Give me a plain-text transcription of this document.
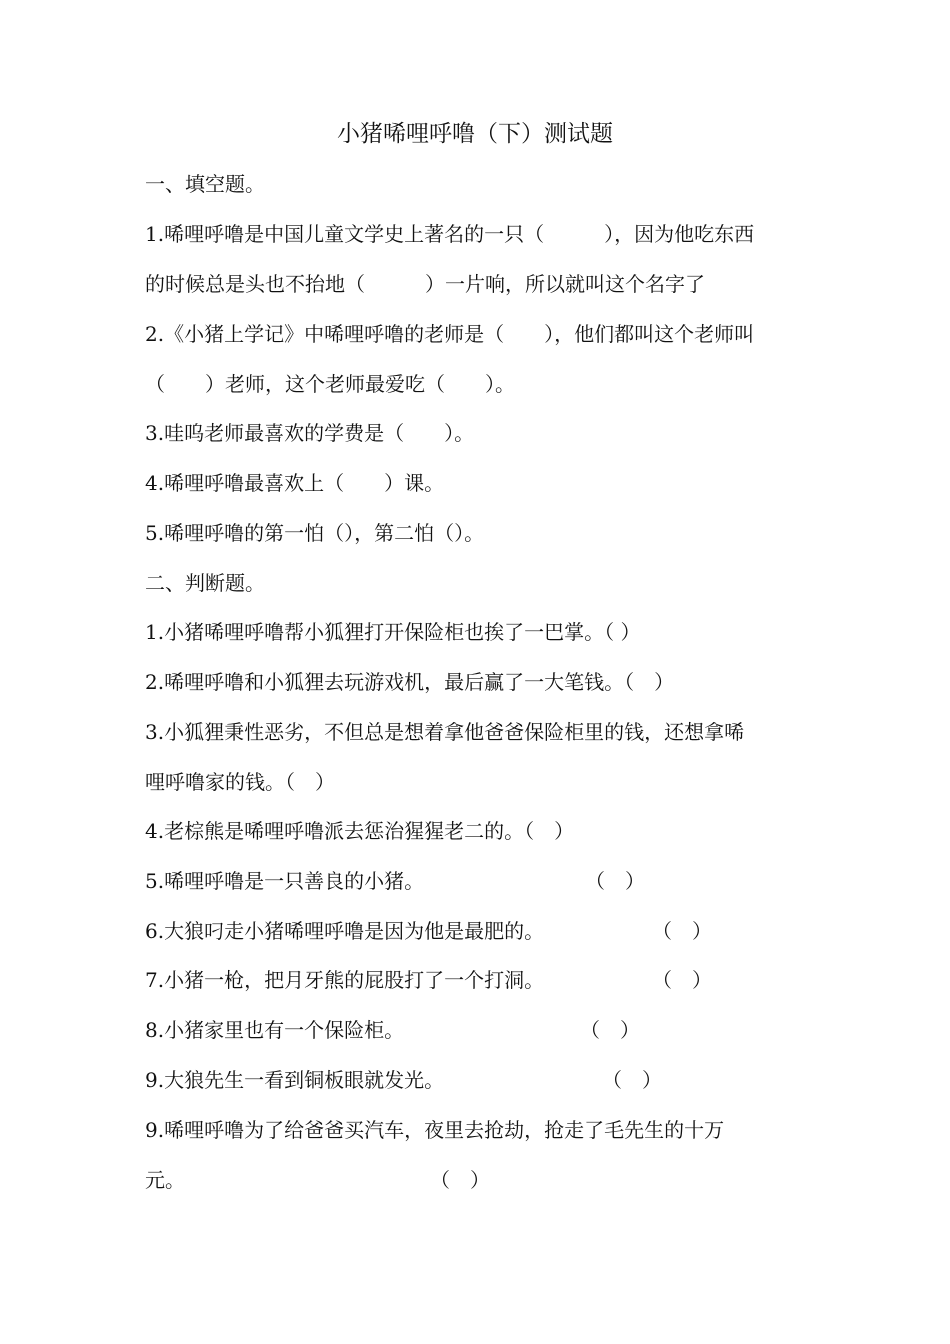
小猪唏哩呼噜（下）测试题

一、填空题。

1.唏哩呼噜是中国儿童文学史上著名的一只（　　　），因为他吃东西

的时候总是头也不抬地（　　　）一片响，所以就叫这个名字了

2.《小猪上学记》中唏哩呼噜的老师是（　　），他们都叫这个老师叫

（　　）老师，这个老师最爱吃（　　）。

3.哇呜老师最喜欢的学费是（　　）。

4.唏哩呼噜最喜欢上（　　）课。

5.唏哩呼噜的第一怕（），第二怕（）。

二、判断题。

1.小猪唏哩呼噜帮小狐狸打开保险柜也挨了一巴掌。（ ）

2.唏哩呼噜和小狐狸去玩游戏机，最后赢了一大笔钱。（　）

3.小狐狸秉性恶劣，不但总是想着拿他爸爸保险柜里的钱，还想拿唏

哩呼噜家的钱。（　）

4.老棕熊是唏哩呼噜派去惩治猩猩老二的。（　）

5.唏哩呼噜是一只善良的小猪。	（　）

6.大狼叼走小猪唏哩呼噜是因为他是最肥的。	（　）

7.小猪一枪，把月牙熊的屁股打了一个打洞。	（　）

8.小猪家里也有一个保险柜。	（　）

9.大狼先生一看到铜板眼就发光。	（　）

9.唏哩呼噜为了给爸爸买汽车，夜里去抢劫，抢走了毛先生的十万

元。	（　）
